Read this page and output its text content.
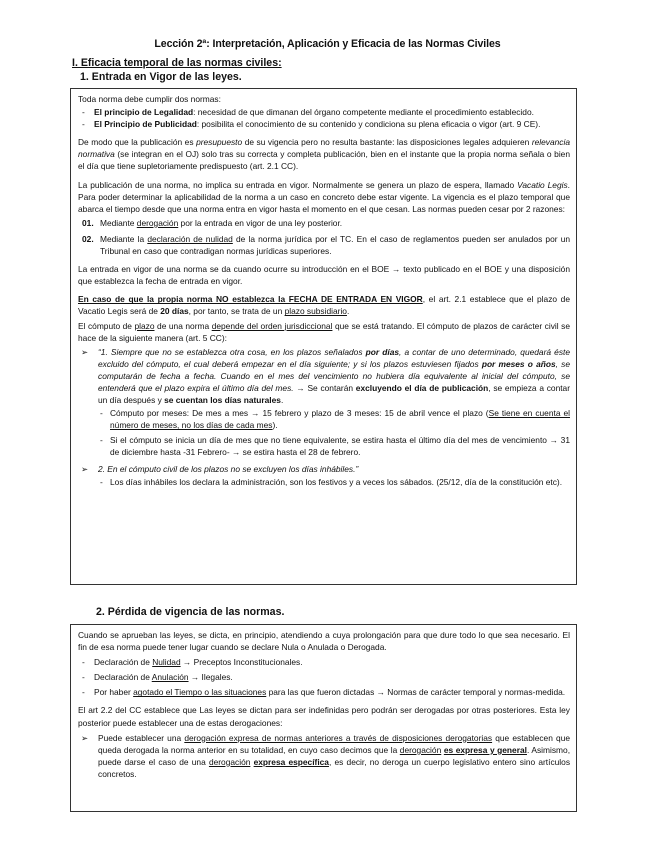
Lección 2ª: Interpretación, Aplicación y Eficacia de las Normas Civiles
I. Eficacia temporal de las normas civiles:
1. Entrada en Vigor de las leyes.

Toda norma debe cumplir dos normas:

- El principio de Legalidad: necesidad de que dimanan del órgano competente mediante el procedimiento establecido.
- El Principio de Publicidad: posibilita el conocimiento de su contenido y condiciona su plena eficacia o vigor (art. 9 CE).

De modo que la publicación es presupuesto de su vigencia pero no resulta bastante: las disposiciones legales adquieren relevancia normativa (se integran en el OJ) solo tras su correcta y completa publicación, bien en el instante que la propia norma señala o bien el día que tiene supletoriamente predispuesto (art. 2.1 CC).

La publicación de una norma, no implica su entrada en vigor. Normalmente se genera un plazo de espera, llamado Vacatio Legis. Para poder determinar la aplicabilidad de la norma a un caso en concreto debe estar vigente. La vigencia es el plazo temporal que abarca el tiempo desde que una norma entra en vigor hasta el momento en el que cesan. Las normas pueden cesar por 2 razones:

01. Mediante derogación por la entrada en vigor de una ley posterior.
02. Mediante la declaración de nulidad de la norma jurídica por el TC. En el caso de reglamentos pueden ser anulados por un Tribunal en caso que contradigan normas jurídicas superiores.

La entrada en vigor de una norma se da cuando ocurre su introducción en el BOE → texto publicado en el BOE y una disposición que establezca la fecha de entrada en vigor.

En caso de que la propia norma NO establezca la FECHA DE ENTRADA EN VIGOR, el art. 2.1 establece que el plazo de Vacatio Legis será de 20 días, por tanto, se trata de un plazo subsidiario.

El cómputo de plazo de una norma depende del orden jurisdiccional que se está tratando. El cómputo de plazos de carácter civil se hace de la siguiente manera (art. 5 CC):

➢ “1. Siempre que no se establezca otra cosa, en los plazos señalados por días, a contar de uno determinado, quedará éste excluido del cómputo, el cual deberá empezar en el día siguiente; y si los plazos estuviesen fijados por meses o años, se computarán de fecha a fecha. Cuando en el mes del vencimiento no hubiera día equivalente al inicial del cómputo, se entenderá que el plazo expira el último día del mes. → Se contarán excluyendo el día de publicación, se empieza a contar un día después y se cuentan los días naturales.
- Cómputo por meses: De mes a mes → 15 febrero y plazo de 3 meses: 15 de abril vence el plazo (Se tiene en cuenta el número de meses, no los días de cada mes).
- Si el cómputo se inicia un día de mes que no tiene equivalente, se estira hasta el último día del mes de vencimiento → 31 de diciembre hasta -31 Febrero- → se estira hasta el 28 de febrero.
➢ 2. En el cómputo civil de los plazos no se excluyen los días inhábiles.”
- Los días inhábiles los declara la administración, son los festivos y a veces los sábados. (25/12, día de la constitución etc).
2. Pérdida de vigencia de las normas.

Cuando se aprueban las leyes, se dicta, en principio, atendiendo a cuya prolongación para que dure todo lo que sea necesario. El fin de esa norma puede tener lugar cuando se declare Nula o Anulada o Derogada.

- Declaración de Nulidad → Preceptos Inconstitucionales.
- Declaración de Anulación → Ilegales.
- Por haber agotado el Tiempo o las situaciones para las que fueron dictadas → Normas de carácter temporal y normas-medida.

El art 2.2 del CC establece que Las leyes se dictan para ser indefinidas pero podrán ser derogadas por otras posteriores. Esta ley posterior puede establecer una de estas derogaciones:

➢ Puede establecer una derogación expresa de normas anteriores a través de disposiciones derogatorias que establecen que queda derogada la norma anterior en su totalidad, en cuyo caso decimos que la derogación es expresa y general. Asimismo, puede darse el caso de una derogación expresa específica, es decir, no deroga un cuerpo legislativo entero sino artículos concretos.
